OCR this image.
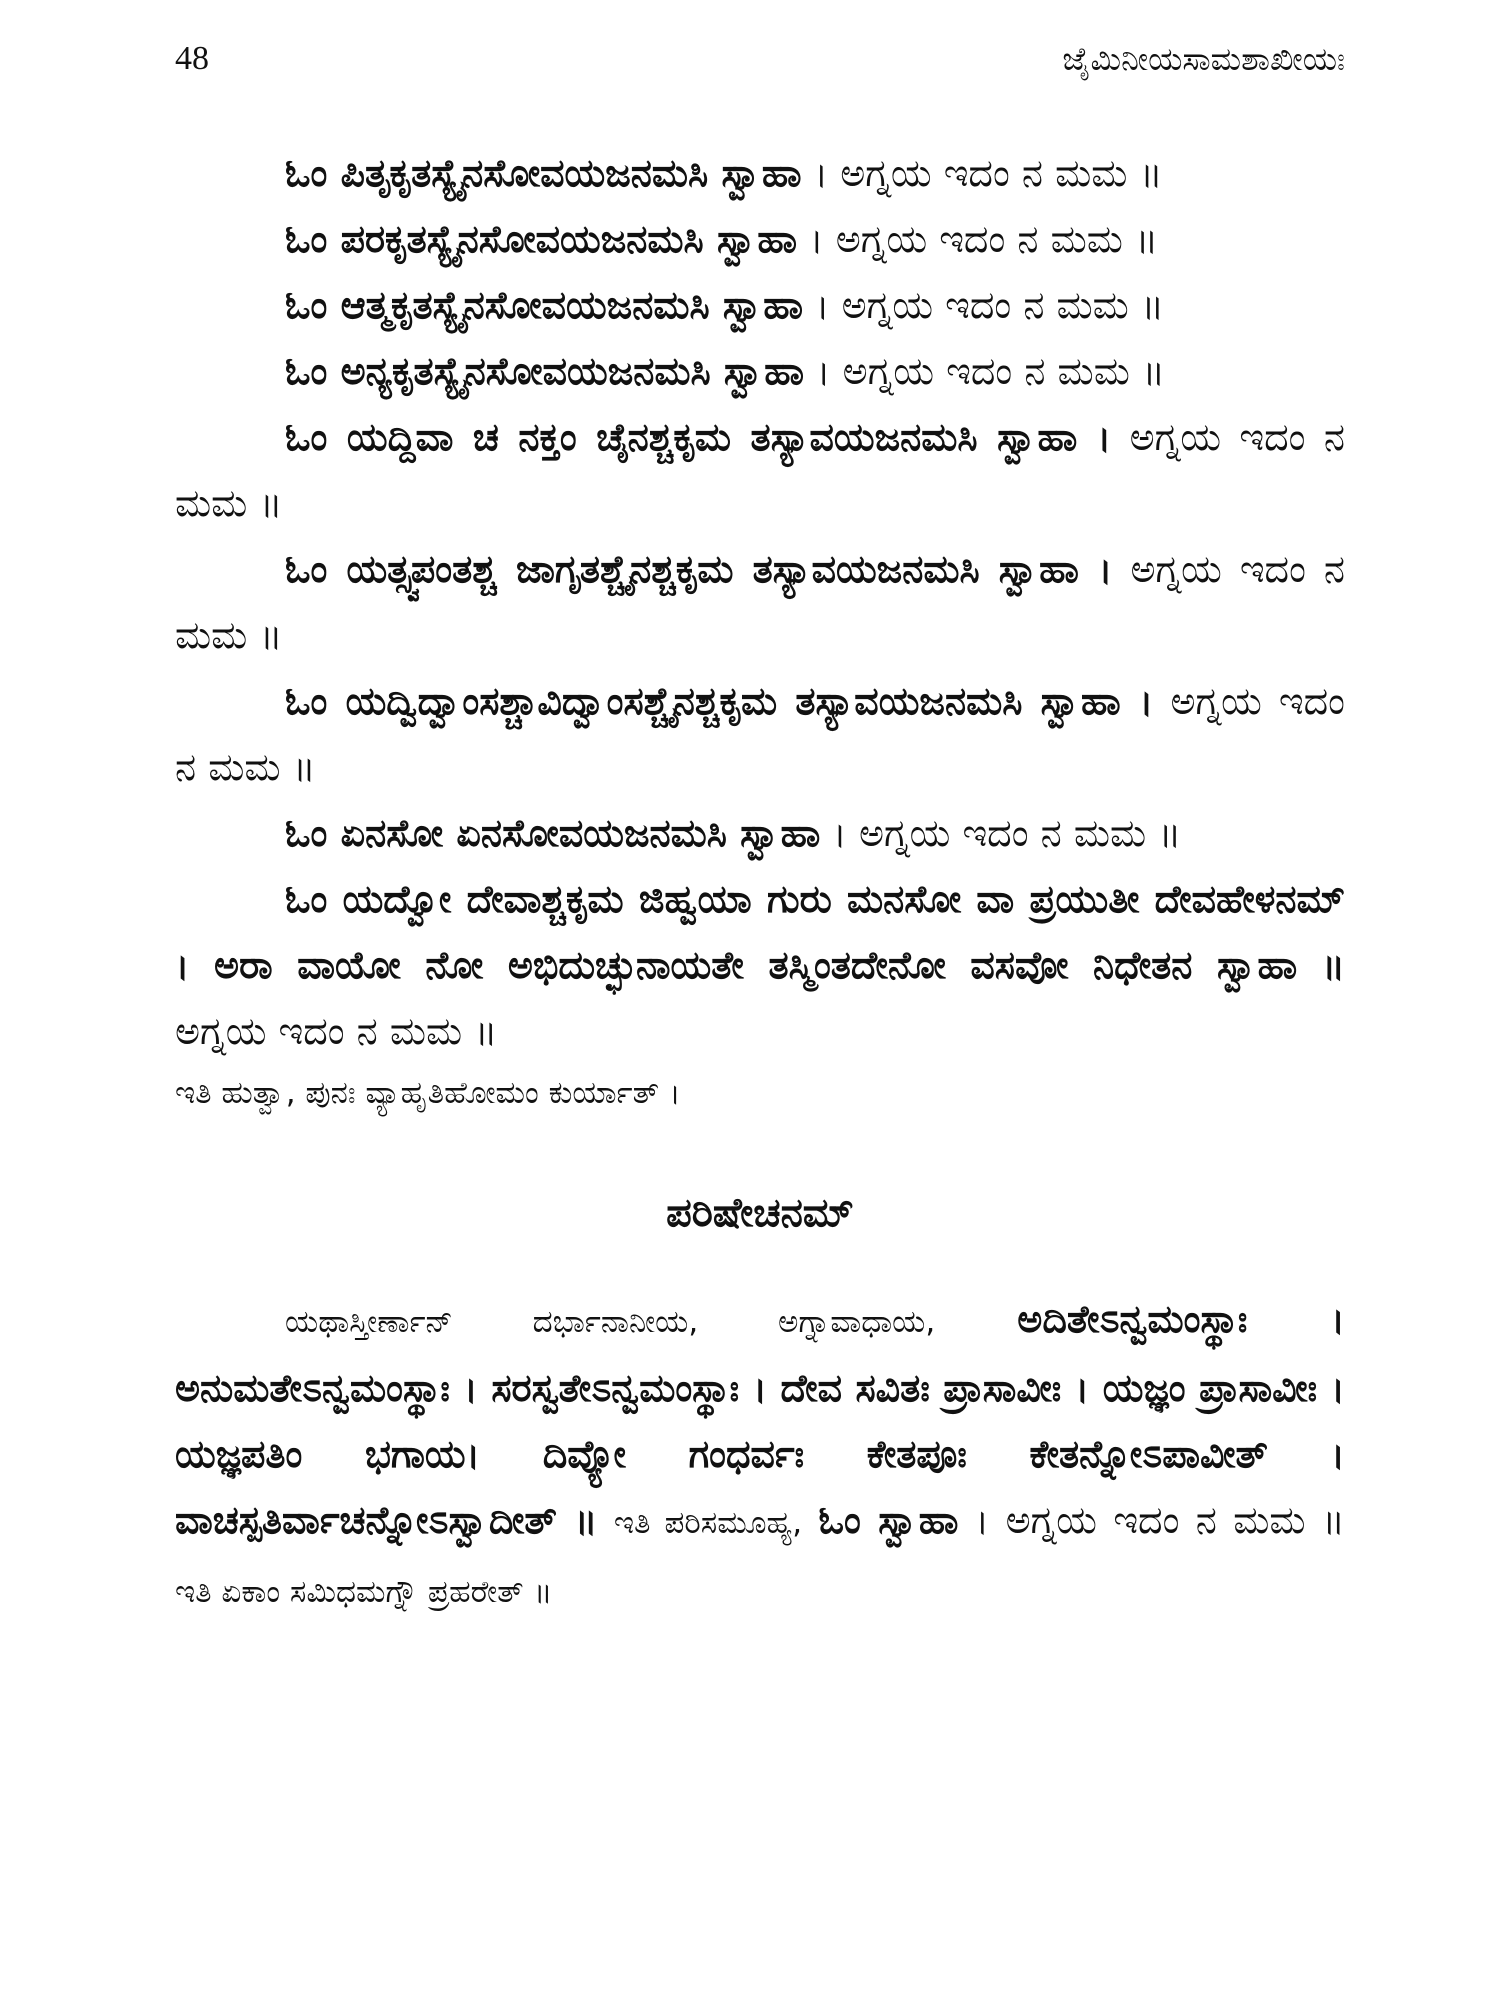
48	ಜೈಮಿನೀಯಸಾಮಶಾಖೀಯಃ

ಓಂ ಪಿತೃಕೃತಸ್ಯೈನಸೋವಯಜನಮಸಿ ಸ್ವಾಹಾ । ಅಗ್ನಯ ಇದಂ ನ ಮಮ ॥

ಓಂ ಪರಕೃತಸ್ಯೈನಸೋವಯಜನಮಸಿ ಸ್ವಾಹಾ । ಅಗ್ನಯ ಇದಂ ನ ಮಮ ॥

ಓಂ ಆತ್ಮಕೃತಸ್ಯೈನಸೋವಯಜನಮಸಿ ಸ್ವಾಹಾ । ಅಗ್ನಯ ಇದಂ ನ ಮಮ ॥

ಓಂ ಅನ್ಯಕೃತಸ್ಯೈನಸೋವಯಜನಮಸಿ ಸ್ವಾಹಾ । ಅಗ್ನಯ ಇದಂ ನ ಮಮ ॥

ಓಂ ಯದ್ದಿವಾ ಚ ನಕ್ತಂ ಚೈನಶ್ಚಕೃಮ ತಸ್ಯಾವಯಜನಮಸಿ ಸ್ವಾಹಾ । ಅಗ್ನಯ ಇದಂ ನ ಮಮ ॥

ಓಂ ಯತ್ಸ್ವಪಂತಶ್ಚ ಜಾಗೃತಶ್ಚೈನಶ್ಚಕೃಮ ತಸ್ಯಾವಯಜನಮಸಿ ಸ್ವಾಹಾ । ಅಗ್ನಯ ಇದಂ ನ ಮಮ ॥

ಓಂ ಯದ್ವಿದ್ವಾಂಸಶ್ಚಾವಿದ್ವಾಂಸಶ್ಚೈನಶ್ಚಕೃಮ ತಸ್ಯಾವಯಜನಮಸಿ ಸ್ವಾಹಾ । ಅಗ್ನಯ ಇದಂ ನ ಮಮ ॥

ಓಂ ಏನಸೋ ಏನಸೋವಯಜನಮಸಿ ಸ್ವಾಹಾ । ಅಗ್ನಯ ಇದಂ ನ ಮಮ ॥

ಓಂ ಯದ್ವೋ ದೇವಾಶ್ಚಕೃಮ ಜಿಹ್ವಯಾ ಗುರು ಮನಸೋ ವಾ ಪ್ರಯುತೀ ದೇವಹೇಳನಮ್ । ಅರಾ ವಾಯೋ ನೋ ಅಭಿದುಚ್ಛುನಾಯತೇ ತಸ್ಮಿಂತದೇನೋ ವಸವೋ ನಿಧೇತನ ಸ್ವಾಹಾ ॥ ಅಗ್ನಯ ಇದಂ ನ ಮಮ ॥

ಇತಿ ಹುತ್ವಾ, ಪುನಃ ವ್ಯಾಹೃತಿಹೋಮಂ ಕುರ್ಯಾತ್ ।

ಪರಿಷೇಚನಮ್

ಯಥಾಸ್ತೀರ್ಣಾನ್ ದರ್ಭಾನಾನೀಯ, ಅಗ್ನಾವಾಧಾಯ, ಅದಿತೇಽನ್ವಮಂಸ್ಥಾಃ । ಅನುಮತೇಽನ್ವಮಂಸ್ಥಾಃ । ಸರಸ್ವತೇಽನ್ವಮಂಸ್ಥಾಃ । ದೇವ ಸವಿತಃ ಪ್ರಾಸಾವೀಃ । ಯಜ್ಞಂ ಪ್ರಾಸಾವೀಃ । ಯಜ್ಞಪತಿಂ ಭಗಾಯ। ದಿವ್ಯೋ ಗಂಧರ್ವಃ ಕೇತಪೂಃ ಕೇತನ್ನೋಽಪಾವೀತ್ । ವಾಚಸ್ಪತಿರ್ವಾಚನ್ನೋಽಸ್ವಾದೀತ್ ॥ ಇತಿ ಪರಿಸಮೂಹ್ಯ, ಓಂ ಸ್ವಾಹಾ । ಅಗ್ನಯ ಇದಂ ನ ಮಮ ॥ ಇತಿ ಏಕಾಂ ಸಮಿಧಮಗ್ನೌ ಪ್ರಹರೇತ್ ॥
